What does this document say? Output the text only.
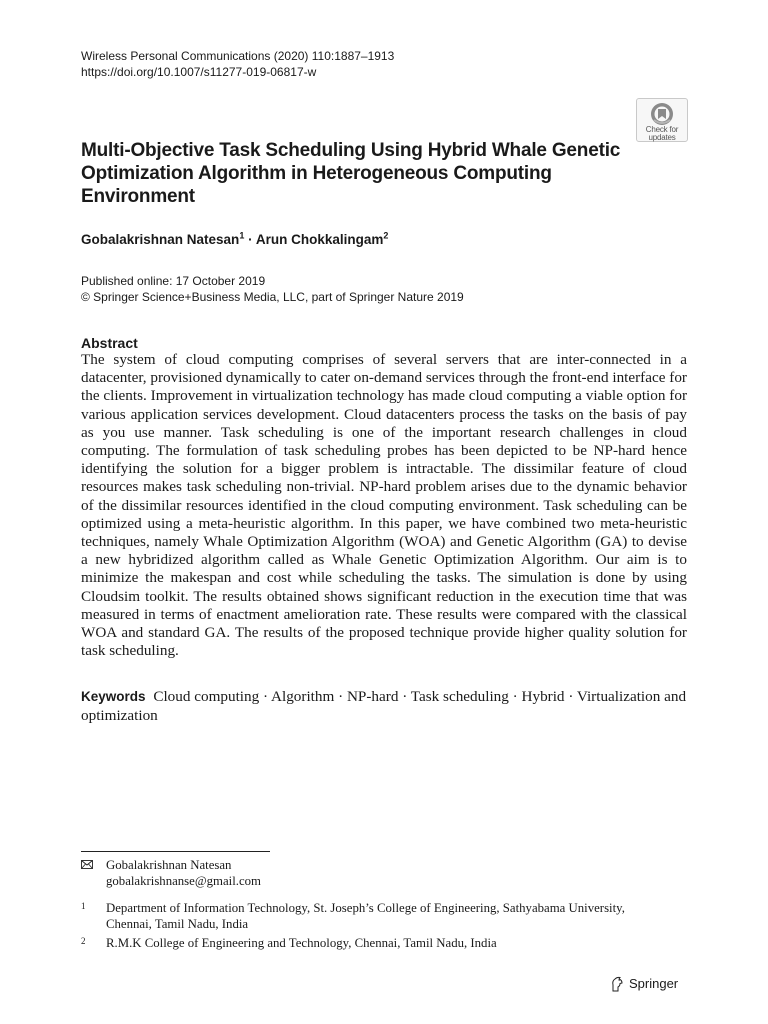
Wireless Personal Communications (2020) 110:1887–1913
https://doi.org/10.1007/s11277-019-06817-w
Check for
updates
Multi-Objective Task Scheduling Using Hybrid Whale Genetic Optimization Algorithm in Heterogeneous Computing Environment
Gobalakrishnan Natesan$^1$ · Arun Chokkalingam$^2$
Published online: 17 October 2019
© Springer Science+Business Media, LLC, part of Springer Nature 2019
Abstract

The system of cloud computing comprises of several servers that are inter-connected in a datacenter, provisioned dynamically to cater on-demand services through the front-end interface for the clients. Improvement in virtualization technology has made cloud computing a viable option for various application services development. Cloud datacenters process the tasks on the basis of pay as you use manner. Task scheduling is one of the important research challenges in cloud computing. The formulation of task scheduling probes has been depicted to be NP-hard hence identifying the solution for a bigger problem is intractable. The dissimilar feature of cloud resources makes task scheduling non-trivial. NP-hard problem arises due to the dynamic behavior of the dissimilar resources identified in the cloud computing environment. Task scheduling can be optimized using a meta-heuristic algorithm. In this paper, we have combined two meta-heuristic techniques, namely Whale Optimization Algorithm (WOA) and Genetic Algorithm (GA) to devise a new hybridized algorithm called as Whale Genetic Optimization Algorithm. Our aim is to minimize the makespan and cost while scheduling the tasks. The simulation is done by using Cloudsim toolkit. The results obtained shows significant reduction in the execution time that was measured in terms of enactment amelioration rate. These results were compared with the classical WOA and standard GA. The results of the proposed technique provide higher quality solution for task scheduling.

Keywords Cloud computing · Algorithm · NP-hard · Task scheduling · Hybrid · Virtualization and optimization
Gobalakrishnan Natesan
gobalakrishnanse@gmail.com
1 Department of Information Technology, St. Joseph’s College of Engineering, Sathyabama University, Chennai, Tamil Nadu, India
2 R.M.K College of Engineering and Technology, Chennai, Tamil Nadu, India
Springer
